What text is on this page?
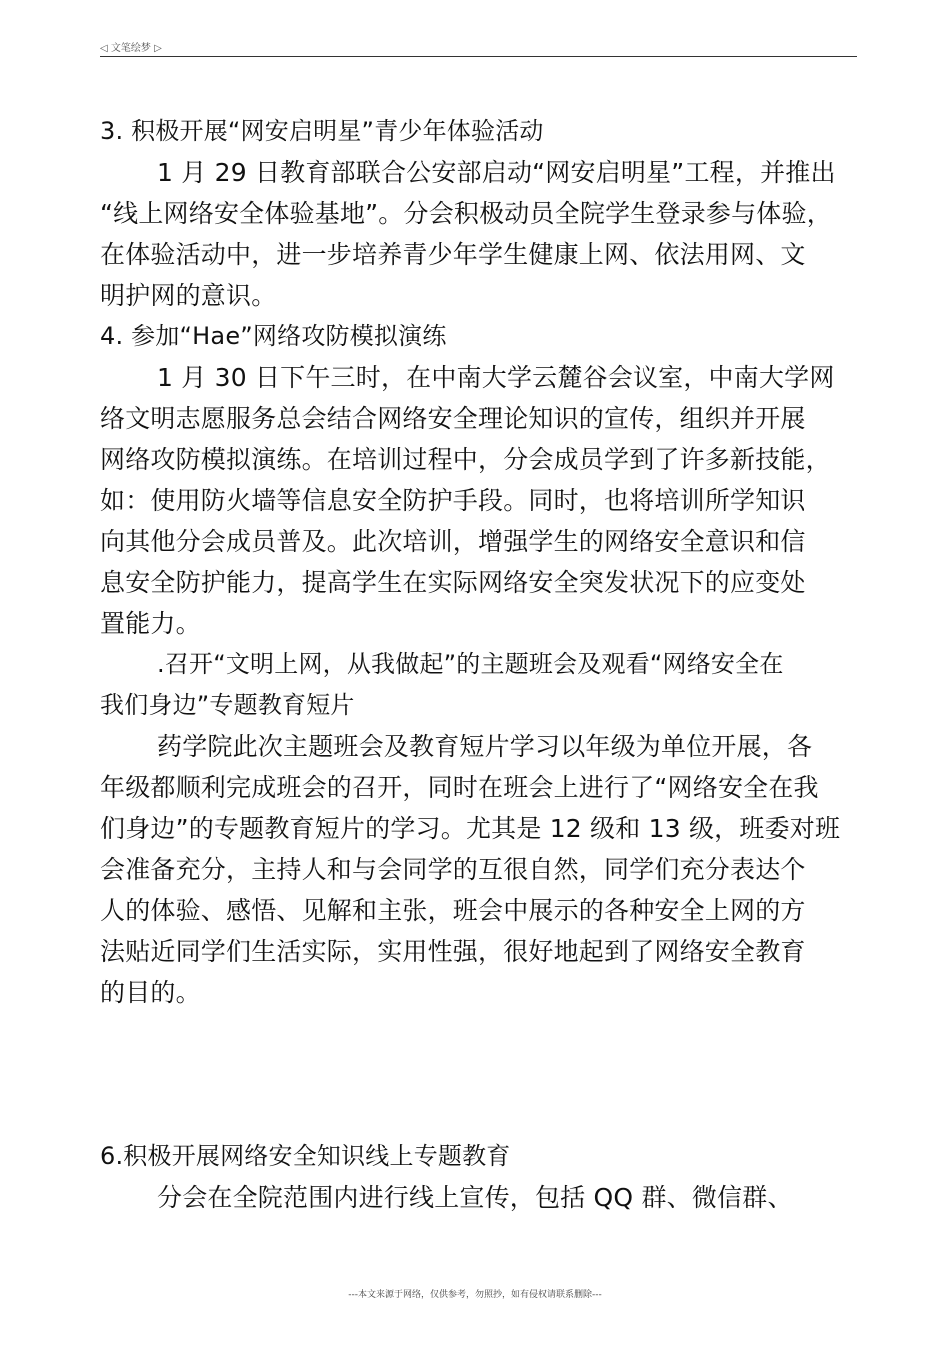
◁ 文笔绘梦 ▷
3. 积极开展“网安启明星”青少年体验活动
1 月 29 日教育部联合公安部启动“网安启明星”工程，并推出
“线上网络安全体验基地”。分会积极动员全院学生登录参与体验，
在体验活动中，进一步培养青少年学生健康上网、依法用网、文
明护网的意识。
4. 参加“Hae”网络攻防模拟演练
1 月 30 日下午三时，在中南大学云麓谷会议室，中南大学网
络文明志愿服务总会结合网络安全理论知识的宣传，组织并开展
网络攻防模拟演练。在培训过程中，分会成员学到了许多新技能，
如：使用防火墙等信息安全防护手段。同时，也将培训所学知识
向其他分会成员普及。此次培训，增强学生的网络安全意识和信
息安全防护能力，提高学生在实际网络安全突发状况下的应变处
置能力。
.召开“文明上网，从我做起”的主题班会及观看“网络安全在
我们身边”专题教育短片
药学院此次主题班会及教育短片学习以年级为单位开展，各
年级都顺利完成班会的召开，同时在班会上进行了“网络安全在我
们身边”的专题教育短片的学习。尤其是 12 级和 13 级，班委对班
会准备充分，主持人和与会同学的互很自然，同学们充分表达个
人的体验、感悟、见解和主张，班会中展示的各种安全上网的方
法贴近同学们生活实际，实用性强，很好地起到了网络安全教育
的目的。
6.积极开展网络安全知识线上专题教育
分会在全院范围内进行线上宣传，包括 QQ 群、微信群、
---本文来源于网络，仅供参考，勿照抄，如有侵权请联系删除---
